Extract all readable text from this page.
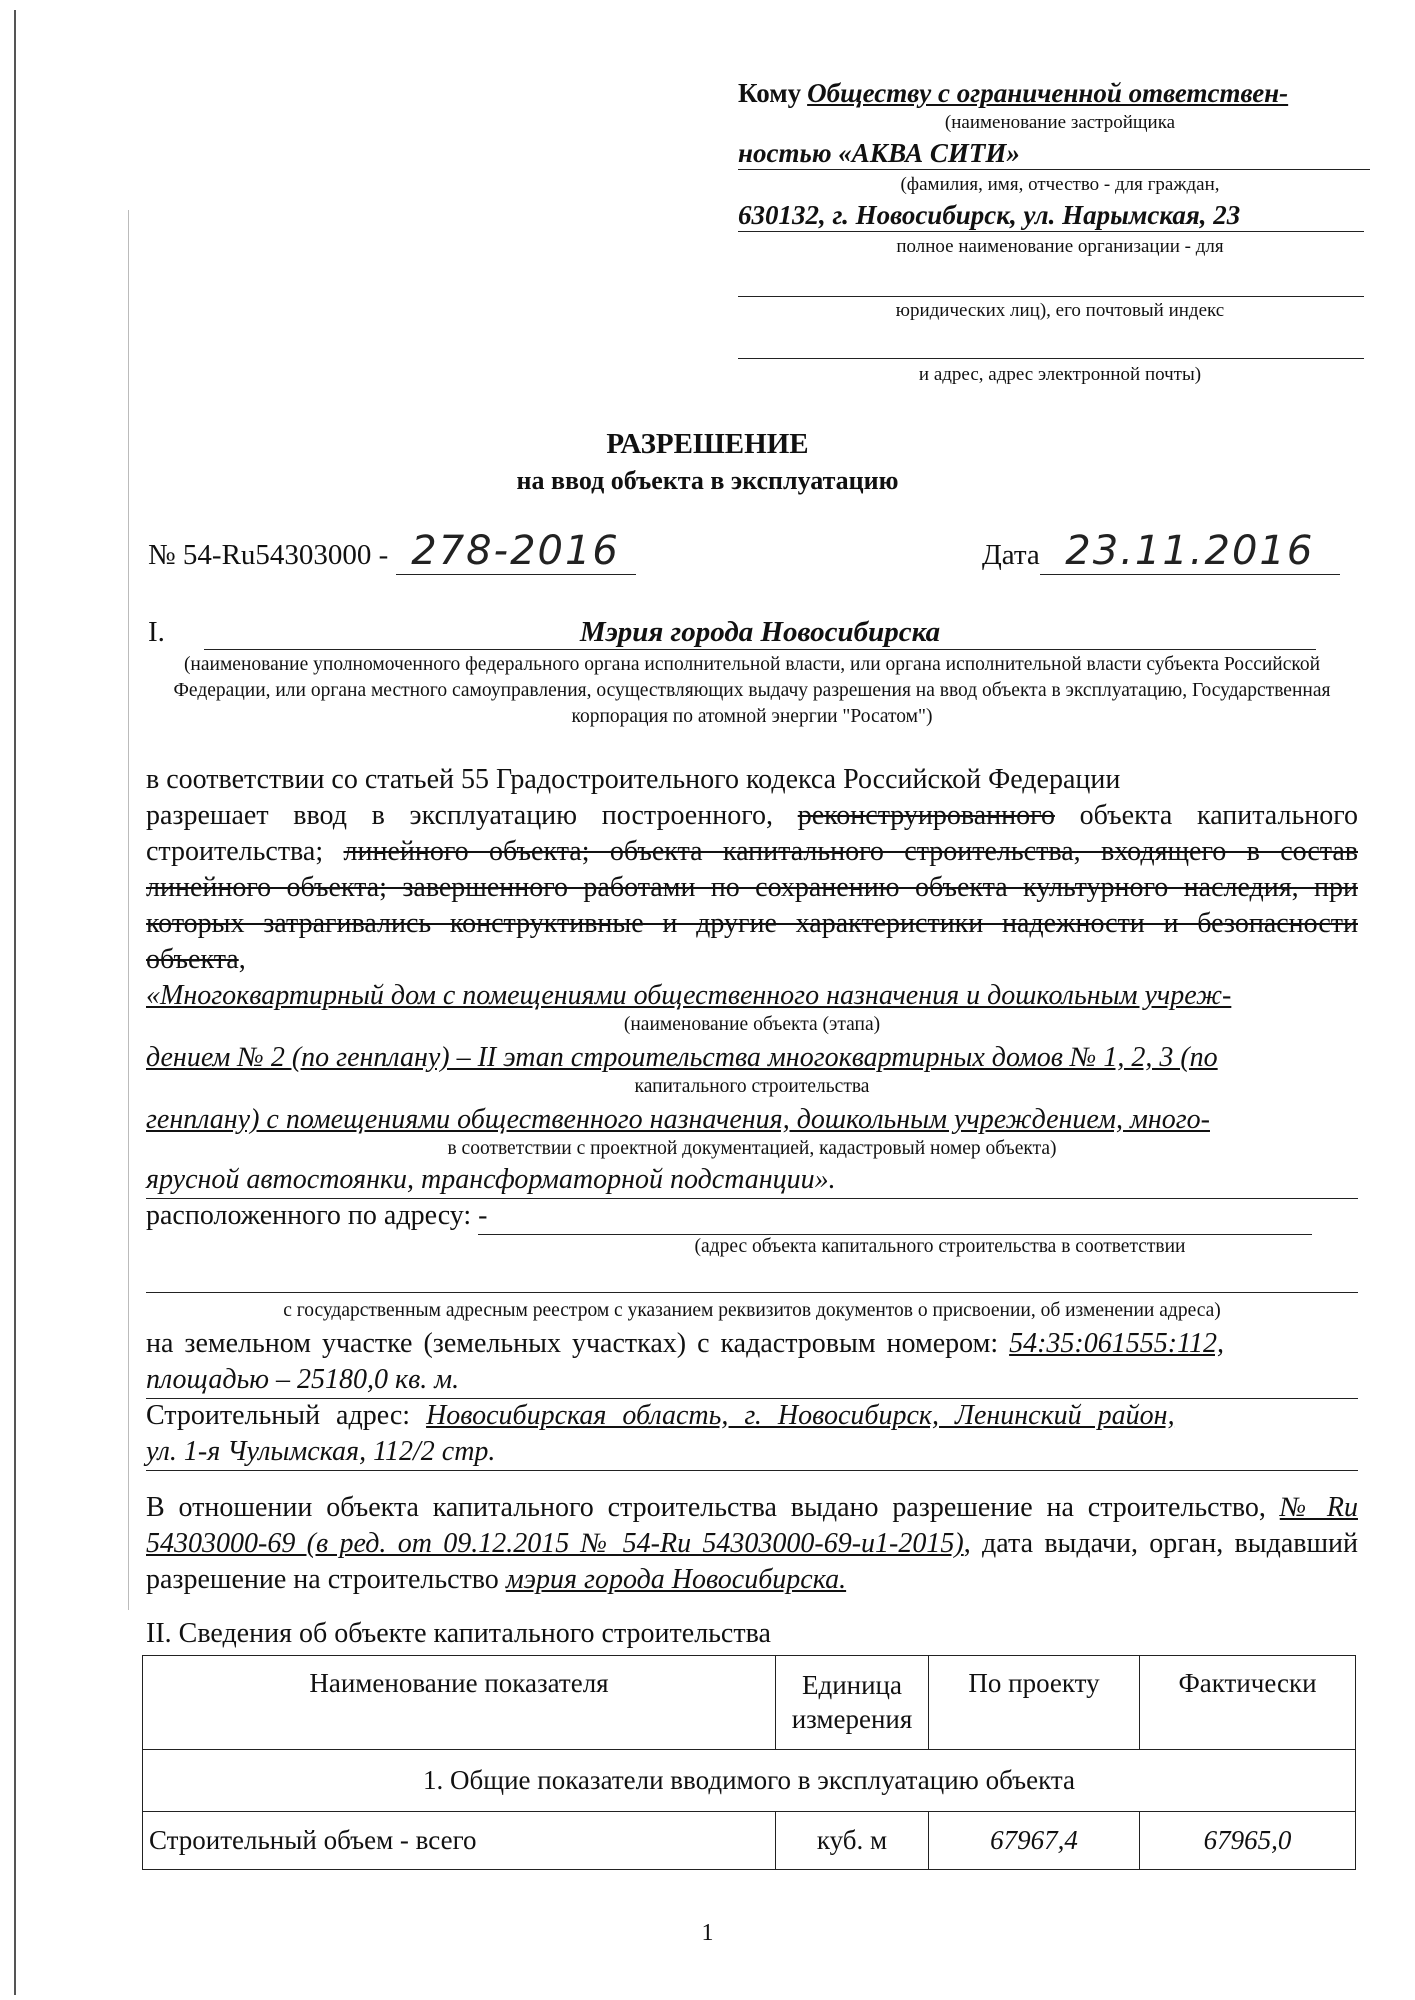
Кому Обществу с ограниченной ответствен-
(наименование застройщика
ностью «АКВА СИТИ»
(фамилия, имя, отчество - для граждан,
630132, г. Новосибирск, ул. Нарымская, 23
полное наименование организации - для
юридических лиц), его почтовый индекс
и адрес, адрес электронной почты)
РАЗРЕШЕНИЕ
на ввод объекта в эксплуатацию
№ 54-Ru54303000 - 278-2016	Дата 23.11.2016
I.	Мэрия города Новосибирска
(наименование уполномоченного федерального органа исполнительной власти, или органа исполнительной власти субъекта Российской Федерации, или органа местного самоуправления, осуществляющих выдачу разрешения на ввод объекта в эксплуатацию, Государственная корпорация по атомной энергии "Росатом")
в соответствии со статьей 55 Градостроительного кодекса Российской Федерации
разрешает ввод в эксплуатацию построенного, реконструированного объекта капитального строительства; линейного объекта; объекта капитального строительства, входящего в состав линейного объекта; завершенного работами по сохранению объекта культурного наследия, при которых затрагивались конструктивные и другие характеристики надежности и безопасности объекта,
«Многоквартирный дом с помещениями общественного назначения и дошкольным учреж-
(наименование объекта (этапа)
дением № 2 (по генплану) – II этап строительства многоквартирных домов № 1, 2, 3 (по
капитального строительства
генплану) с помещениями общественного назначения, дошкольным учреждением, много-
в соответствии с проектной документацией, кадастровый номер объекта)
ярусной автостоянки, трансформаторной подстанции».
расположенного по адресу: -
(адрес объекта капитального строительства в соответствии
с государственным адресным реестром с указанием реквизитов документов о присвоении, об изменении адреса)
на земельном участке (земельных участках) с кадастровым номером: 54:35:061555:112,
площадью – 25180,0 кв. м.
Строительный адрес: Новосибирская область, г. Новосибирск, Ленинский район,
ул. 1-я Чулымская, 112/2 стр.
В отношении объекта капитального строительства выдано разрешение на строительство, № Ru 54303000-69 (в ред. от 09.12.2015 № 54-Ru 54303000-69-u1-2015), дата выдачи, орган, выдавший разрешение на строительство мэрия города Новосибирска.
II. Сведения об объекте капитального строительства
Наименование показателя	Единица измерения	По проекту	Фактически
1. Общие показатели вводимого в эксплуатацию объекта			
Строительный объем - всего	куб. м	67967,4	67965,0
1
